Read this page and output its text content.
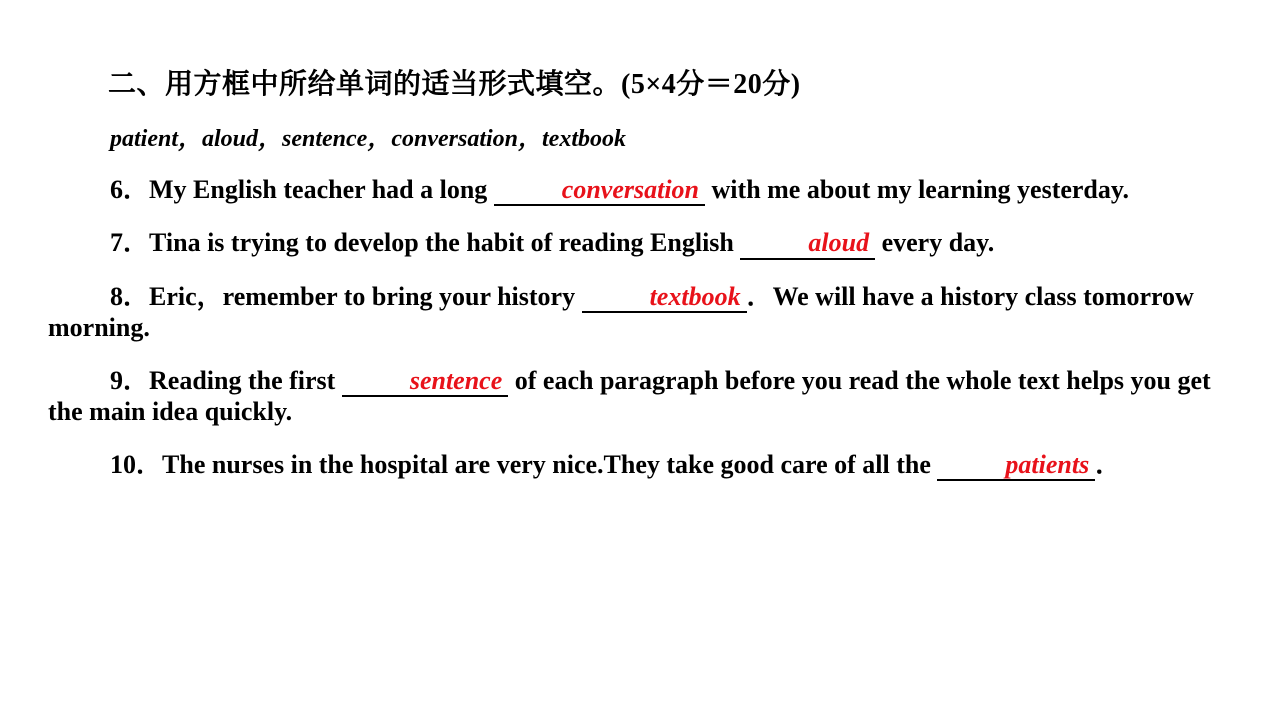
二、用方框中所给单词的适当形式填空。(5×4分＝20分)
patient，aloud，sentence，conversation，textbook
6．My English teacher had a long	conversation with me about my learning yesterday.
7．Tina is trying to develop the habit of reading English	aloud every day.
8．Eric，remember to bring your history	textbook ．We will have a history class tomorrow morning.
9．Reading the first	sentence of each paragraph before you read the whole text helps you get the main idea quickly.
10．The nurses in the hospital are very nice.They take good care of all the	patients ．
